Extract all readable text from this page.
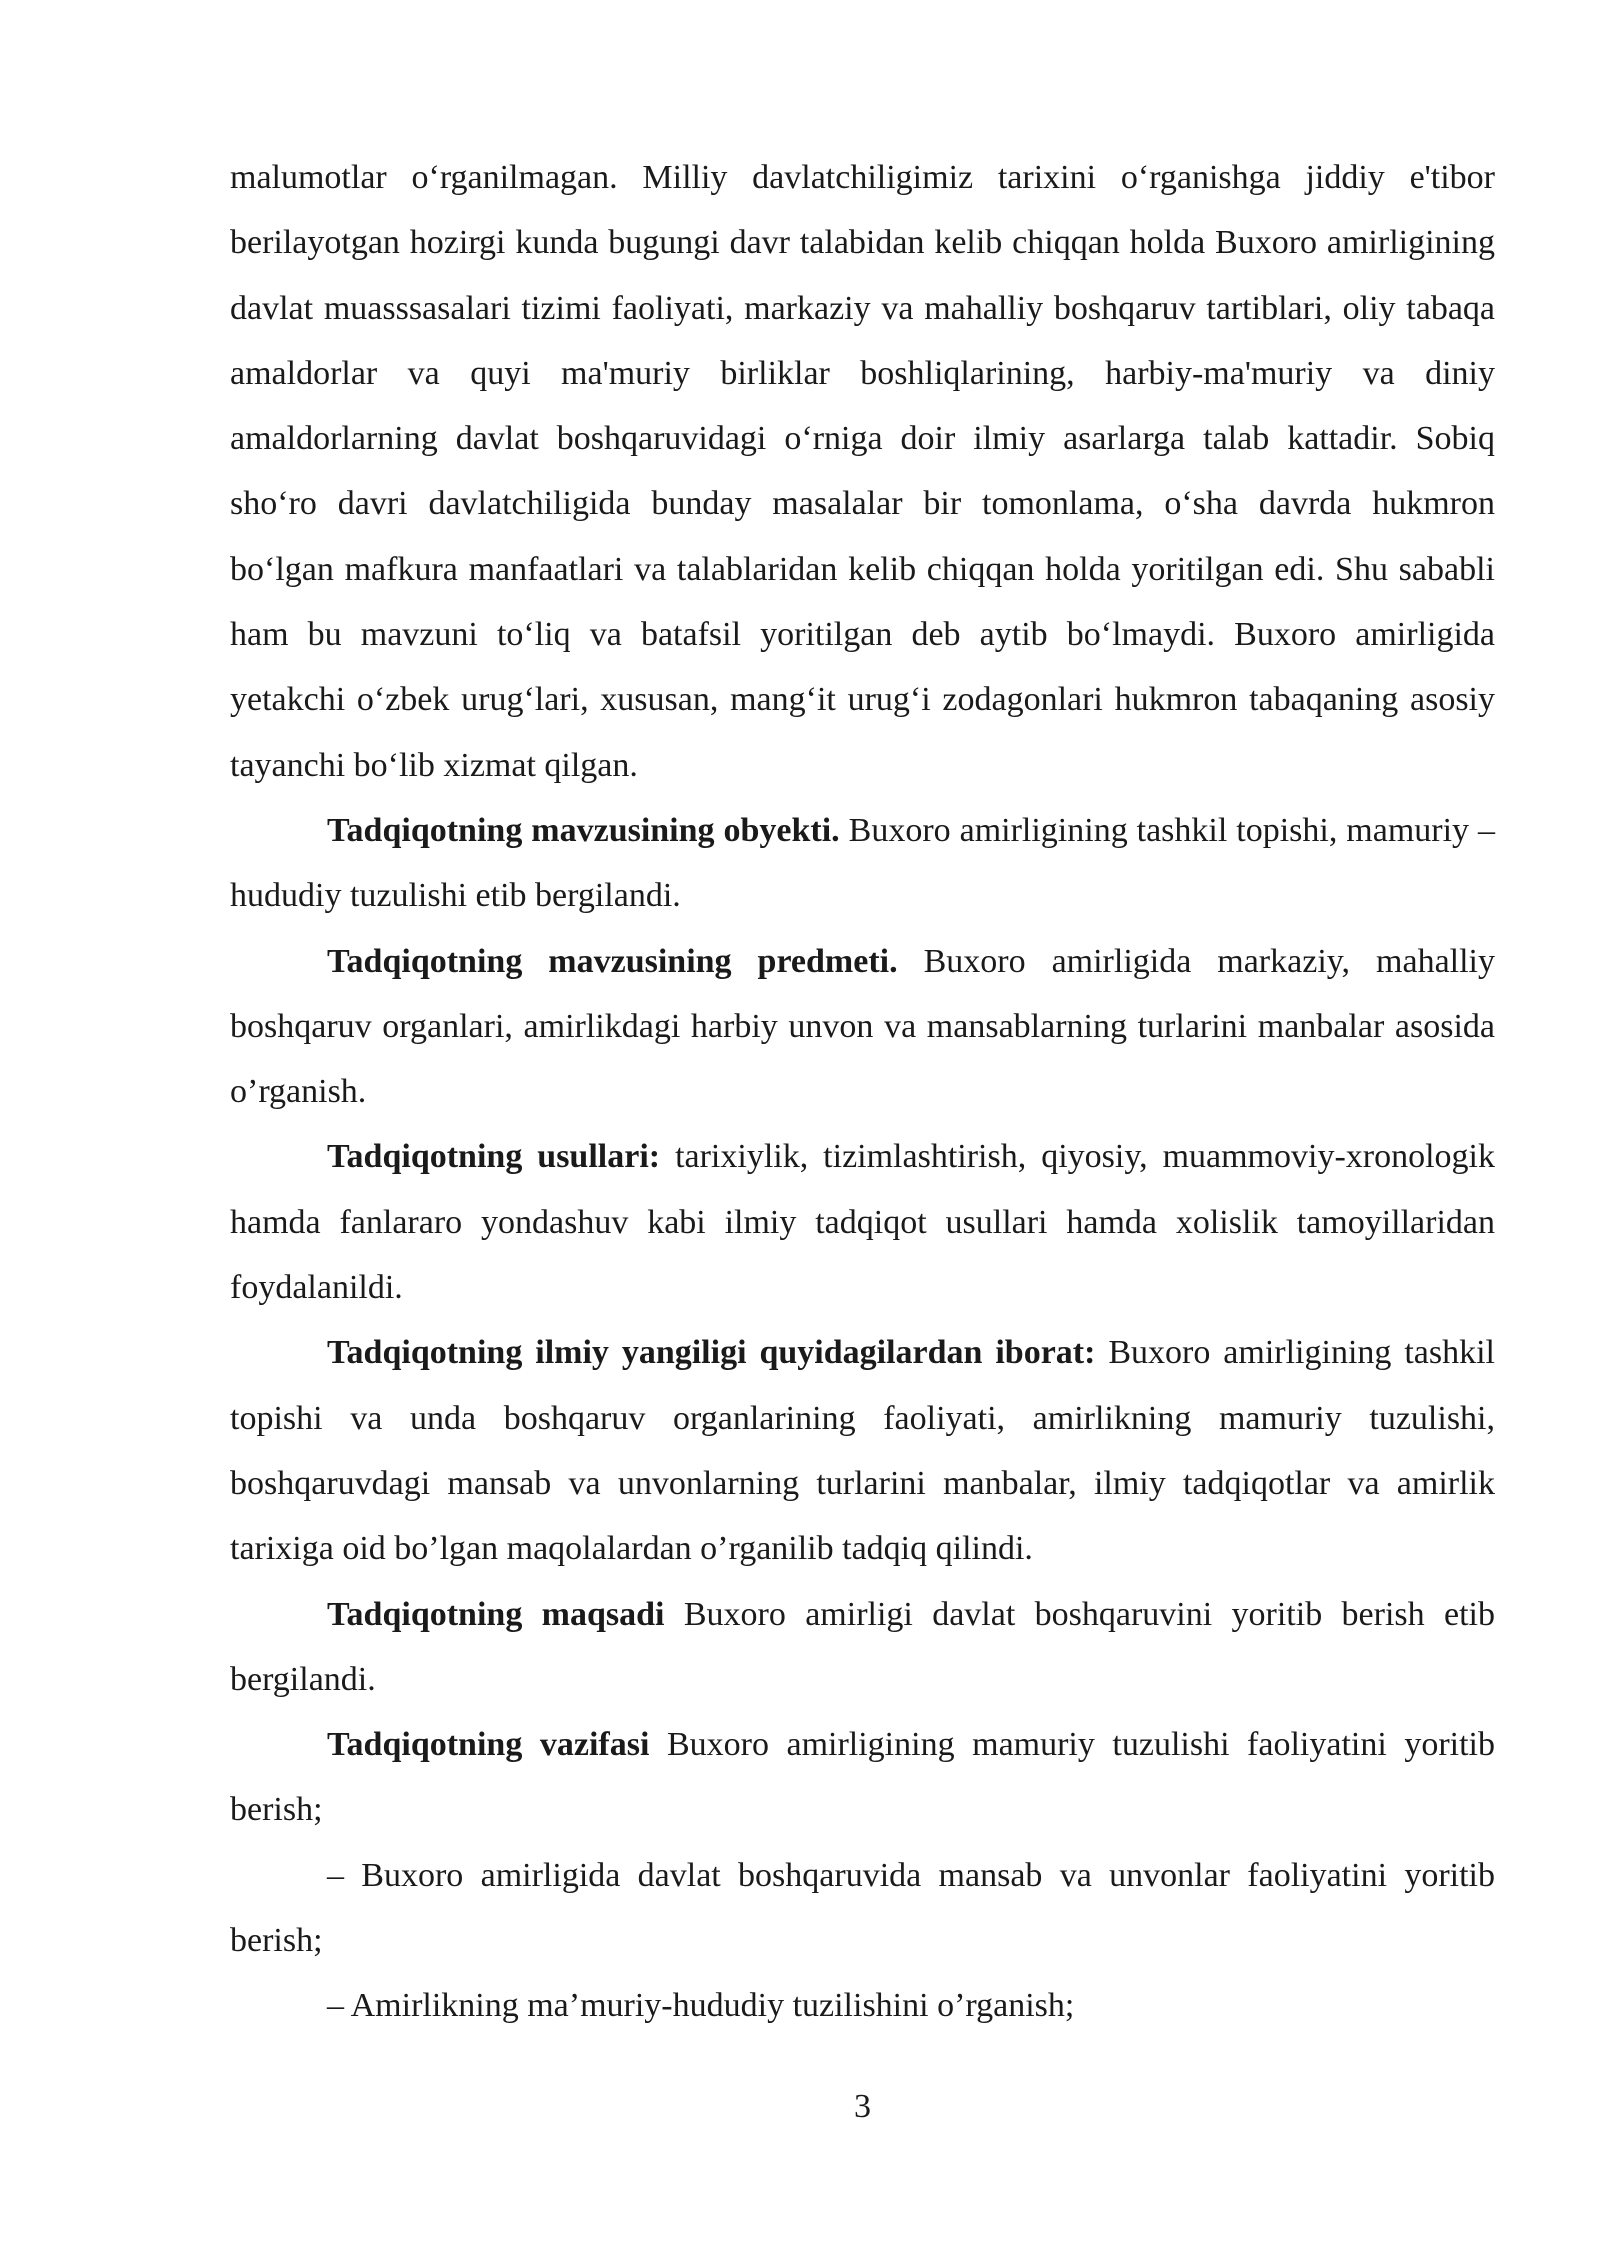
malumotlar o‘rganilmagan. Milliy davlatchiligimiz tarixini o‘rganishga jiddiy e'tibor berilayotgan hozirgi kunda bugungi davr talabidan kelib chiqqan holda Buxoro amirligining davlat muasssasalari tizimi faoliyati, markaziy va mahalliy boshqaruv tartiblari, oliy tabaqa amaldorlar va quyi ma'muriy birliklar boshliqlarining, harbiy-ma'muriy va diniy amaldorlarning davlat boshqaruvidagi o‘rniga doir ilmiy asarlarga talab kattadir. Sobiq sho‘ro davri davlatchiligida bunday masalalar bir tomonlama, o‘sha davrda hukmron bo‘lgan mafkura manfaatlari va talablaridan kelib chiqqan holda yoritilgan edi. Shu sababli ham bu mavzuni to‘liq va batafsil yoritilgan deb aytib bo‘lmaydi. Buxoro amirligida yetakchi o‘zbek urug‘lari, xususan, mang‘it urug‘i zodagonlari hukmron tabaqaning asosiy tayanchi bo‘lib xizmat qilgan.

Tadqiqotning mavzusining obyekti. Buxoro amirligining tashkil topishi, mamuriy – hududiy tuzulishi etib bergilandi.

Tadqiqotning mavzusining predmeti. Buxoro amirligida markaziy, mahalliy boshqaruv organlari, amirlikdagi harbiy unvon va mansablarning turlarini manbalar asosida o’rganish.

Tadqiqotning usullari: tarixiylik, tizimlashtirish, qiyosiy, muammoviy-xronologik hamda fanlararo yondashuv kabi ilmiy tadqiqot usullari hamda xolislik tamoyillaridan foydalanildi.

Tadqiqotning ilmiy yangiligi quyidagilardan iborat: Buxoro amirligining tashkil topishi va unda boshqaruv organlarining faoliyati, amirlikning mamuriy tuzulishi, boshqaruvdagi mansab va unvonlarning turlarini manbalar, ilmiy tadqiqotlar va amirlik tarixiga oid bo’lgan maqolalardan o’rganilib tadqiq qilindi.

Tadqiqotning maqsadi Buxoro amirligi davlat boshqaruvini yoritib berish etib bergilandi.

Tadqiqotning vazifasi Buxoro amirligining mamuriy tuzulishi faoliyatini yoritib berish;

– Buxoro amirligida davlat boshqaruvida mansab va unvonlar faoliyatini yoritib berish;

– Amirlikning ma’muriy-hududiy tuzilishini o’rganish;

3
